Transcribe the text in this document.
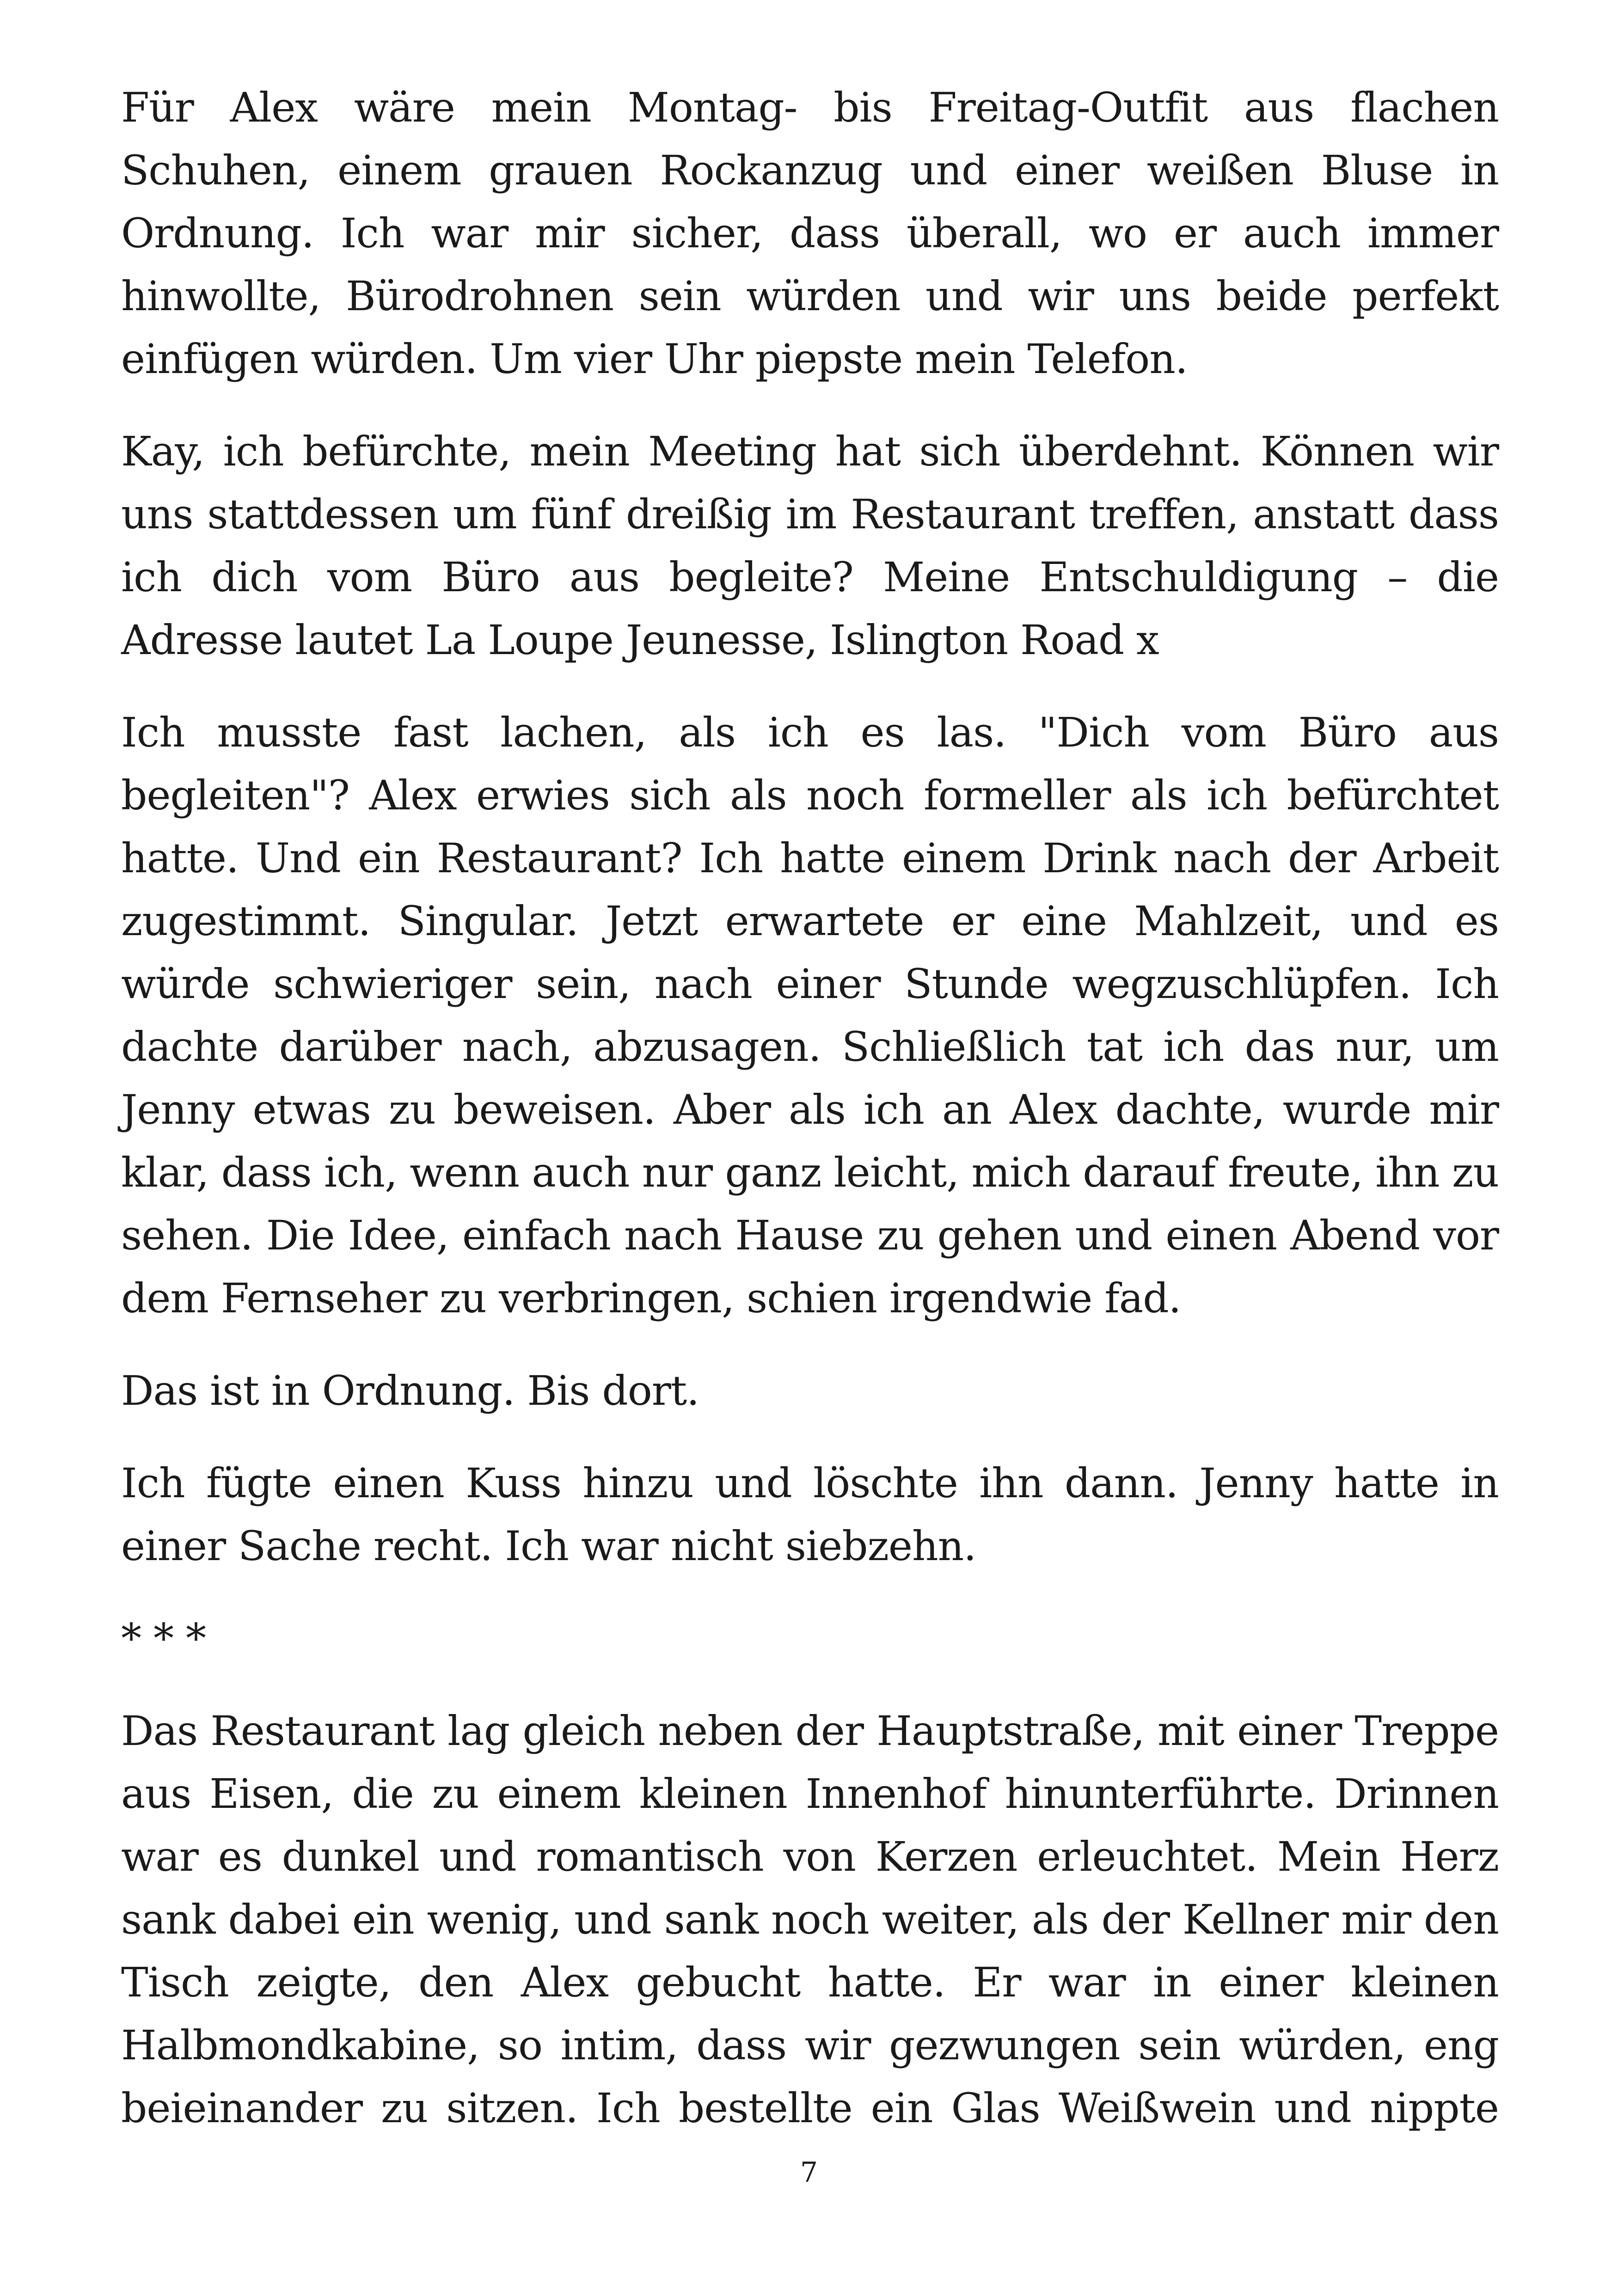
Für Alex wäre mein Montag- bis Freitag-Outfit aus flachen Schuhen, einem grauen Rockanzug und einer weißen Bluse in Ordnung. Ich war mir sicher, dass überall, wo er auch immer hinwollte, Bürodrohnen sein würden und wir uns beide perfekt einfügen würden. Um vier Uhr piepste mein Telefon.

Kay, ich befürchte, mein Meeting hat sich überdehnt. Können wir uns stattdessen um fünf dreißig im Restaurant treffen, anstatt dass ich dich vom Büro aus begleite? Meine Entschuldigung – die Adresse lautet La Loupe Jeunesse, Islington Road x

Ich musste fast lachen, als ich es las. "Dich vom Büro aus begleiten"? Alex erwies sich als noch formeller als ich befürchtet hatte. Und ein Restaurant? Ich hatte einem Drink nach der Arbeit zugestimmt. Singular. Jetzt erwartete er eine Mahlzeit, und es würde schwieriger sein, nach einer Stunde wegzuschlüpfen. Ich dachte darüber nach, abzusagen. Schließlich tat ich das nur, um Jenny etwas zu beweisen. Aber als ich an Alex dachte, wurde mir klar, dass ich, wenn auch nur ganz leicht, mich darauf freute, ihn zu sehen. Die Idee, einfach nach Hause zu gehen und einen Abend vor dem Fernseher zu verbringen, schien irgendwie fad.

Das ist in Ordnung. Bis dort.

Ich fügte einen Kuss hinzu und löschte ihn dann. Jenny hatte in einer Sache recht. Ich war nicht siebzehn.

* * *

Das Restaurant lag gleich neben der Hauptstraße, mit einer Treppe aus Eisen, die zu einem kleinen Innenhof hinunterführte. Drinnen war es dunkel und romantisch von Kerzen erleuchtet. Mein Herz sank dabei ein wenig, und sank noch weiter, als der Kellner mir den Tisch zeigte, den Alex gebucht hatte. Er war in einer kleinen Halbmondkabine, so intim, dass wir gezwungen sein würden, eng beieinander zu sitzen. Ich bestellte ein Glas Weißwein und nippte

7
